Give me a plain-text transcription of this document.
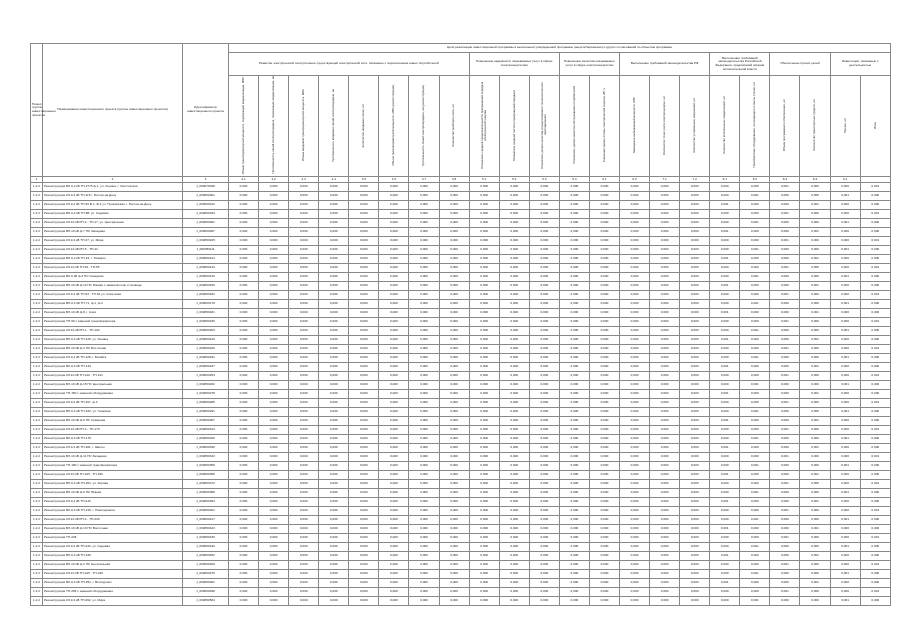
Номер группы инвестиционных проектов	Наименование инвестиционного проекта (группы инвестиционных проектов)	Идентификатор инвестиционного проекта	Цели реализации инвестиционной программы в выполнении утвержденной программы (энергосбережения) и других согласований по объектам программы																					
			Развитие электрической сети/усиление существующей электрической сети, связанное с подключением новых потребителей								Повышение надежности оказываемых услуг в сфере электроэнергетики			Повышение качества оказываемых услуг в сфере электроэнергетики		Выполнение требований законодательства РФ			Выполнение требований законодательства Российской Федерации, предписаний органов исполнительной власти		Обеспечение прочих целей		Инвестиции, связанные с деятельностью	
			Объем трансформаторной мощности, подлежащей модернизации, МВА	Протяженность линий электропередачи, подлежащих модернизации, км	Объем вводимой трансформаторной мощности, МВА	Протяженность вводимых линий электропередачи, км	Количество вводимых ячеек, шт	Объем трансформаторной мощности, МВА (реконструкция)	Протяженность линий электропередачи, км (реконструкция)	Количество приборов учета, шт	Показатель средней продолжительности прекращений передачи электрической энергии	Показатель средней частоты прекращений передачи	Показатель уровня качества осуществляемого технологического присоединения	Показатель уровня качества обслуживания потребителей	Снижение уровня потерь электрической энергии, кВт·ч	Замещение выбывающей мощности, МВт	Количество точек учета электроэнергии, шт	Количество устраненных нарушений, шт	Количество исполненных предписаний, шт	Приобретение оборудования, не входящего в сметы строек, шт	Объем программного обеспечения, шт	Количество транспортных средств, шт	Прочее, шт	Иное
1	2	3	4.1	4.2	4.3	4.4	4.5	4.6	4.7	4.8	5.1	5.2	5.3	5.4	6.1	6.2	7.1	7.2	8.1	8.2	8.3	8.4	9.1	
1.2.2	Реконструкция ВЛ-0,4 кВ ТП-2775 ф.1, ул. Ленина, г. Светлогорск	J_000070048	0,000	0,000	0,000	0,000	0,000	0,000	0,000	0,000	0,000	0,000	0,000	0,000	0,000	0,000	0,000	0,000	0,000	0,000	0,001	0,000	0,000	0,001
1.2.2	Реконструкция КЛ-0,4 кВ ТП-115 г. Ростов-на-Дону	J_000050001	0,000	0,000	0,000	0,000	0,000	0,000	0,000	0,000	0,000	0,000	0,000	0,000	0,000	0,000	0,000	0,000	0,000	0,001	0,000	0,000	0,001	0,000
1.2.2	Реконструкция КЛ-0,4 кВ ТП-26 Ф.1, Ф.2 ул. Пушкинская, г. Ростов-на-Дону	J_000050012	0,000	0,000	0,000	0,000	0,000	0,000	0,000	0,000	0,000	0,000	0,000	0,000	0,000	0,000	0,000	0,000	0,001	0,000	0,000	0,001	0,000	0,000
1.2.2	Реконструкция ВЛ-0,4 кВ ТП-88, ул. Садовая	J_000050043	0,000	0,000	0,000	0,000	0,000	0,000	0,000	0,000	0,000	0,000	0,000	0,000	0,000	0,000	0,000	0,000	0,000	0,000	0,001	0,000	0,000	0,001
1.2.2	Реконструкция КЛ-10 кВ РП-2 - ТП-17, ул. Центральная	J_000050091	0,000	0,000	0,000	0,000	0,000	0,000	0,000	0,000	0,000	0,000	0,000	0,000	0,000	0,000	0,000	0,000	0,000	0,001	0,000	0,000	0,001	0,000
1.2.2	Реконструкция ВЛ-10 кВ ф.7 ПС Западная	J_000050097	0,000	0,000	0,000	0,000	0,000	0,000	0,000	0,000	0,000	0,000	0,000	0,000	0,000	0,000	0,000	0,000	0,001	0,000	0,000	0,001	0,000	0,000
1.2.2	Реконструкция КЛ-0,4 кВ ТП-37, ул. Мира	J_000050105	0,000	0,000	0,000	0,000	0,000	0,000	0,000	0,000	0,000	0,000	0,000	0,000	0,000	0,000	0,000	0,000	0,000	0,000	0,001	0,000	0,000	0,001
1.2.2	Реконструкция КЛ-10 кВ РП-5 - ТП-42	J_000050111	0,000	0,000	0,000	0,000	0,000	0,000	0,000	0,000	0,000	0,000	0,000	0,000	0,000	0,000	0,000	0,000	0,000	0,001	0,000	0,000	0,001	0,000
1.2.2	Реконструкция ВЛ-0,4 кВ ТП-19, г. Таганрог	J_000050123	0,000	0,000	0,000	0,000	0,000	0,000	0,000	0,000	0,000	0,000	0,000	0,000	0,000	0,000	0,000	0,000	0,001	0,000	0,000	0,001	0,000	0,000
1.2.2	Реконструкция КЛ-10 кВ ТП-54 - ТП-55	J_000050134	0,000	0,000	0,000	0,000	0,000	0,000	0,000	0,000	0,000	0,000	0,000	0,000	0,000	0,000	0,000	0,000	0,000	0,000	0,001	0,000	0,000	0,001
1.2.2	Реконструкция ВЛ-6 кВ ф.3 ПС Северная	J_000050140	0,000	0,000	0,000	0,000	0,000	0,000	0,000	0,000	0,000	0,000	0,000	0,000	0,000	0,000	0,000	0,000	0,000	0,001	0,000	0,000	0,001	0,000
1.2.2	Реконструкция ВЛ-10 кВ ф.12 ПС Южная с заменой опор и провода	J_000050156	0,000	0,000	0,000	0,000	0,000	0,000	0,000	0,000	0,000	0,000	0,000	0,000	0,000	0,000	0,000	0,000	0,001	0,000	0,000	0,001	0,000	0,000
1.2.2	Реконструкция КЛ-0,4 кВ ТП-63 - ТП-64 ул. Советская	J_000050162	0,000	0,000	0,000	0,000	0,000	0,000	0,000	0,000	0,000	0,000	0,000	0,000	0,000	0,000	0,000	0,000	0,000	0,000	0,001	0,000	0,000	0,001
1.2.2	Реконструкция ВЛ-0,4 кВ ТП-71, ф.1, ф.2	J_000050178	0,000	0,000	0,000	0,000	0,000	0,000	0,000	0,000	0,000	0,000	0,000	0,000	0,000	0,000	0,000	0,000	0,000	0,001	0,000	0,000	0,001	0,000
1.2.2	Реконструкция ВЛ-10 кВ ф.8, г. Азов	J_000050181	0,000	0,000	0,000	0,000	0,000	0,000	0,000	0,000	0,000	0,000	0,000	0,000	0,000	0,000	0,000	0,000	0,001	0,000	0,000	0,001	0,000	0,000
1.2.2	Реконструкция ТП-90 с заменой трансформатора	J_000050195	0,000	0,000	0,000	0,000	0,000	0,000	0,000	0,000	0,000	0,000	0,000	0,000	0,000	0,000	0,000	0,000	0,000	0,000	0,001	0,000	0,000	0,001
1.2.2	Реконструкция КЛ-10 кВ РП-1 - ТП-102	J_000050203	0,000	0,000	0,000	0,000	0,000	0,000	0,000	0,000	0,000	0,000	0,000	0,000	0,000	0,000	0,000	0,000	0,000	0,001	0,000	0,000	0,001	0,000
1.2.2	Реконструкция ВЛ-0,4 кВ ТП-115, ул. Ленина	J_000050219	0,000	0,000	0,000	0,000	0,000	0,000	0,000	0,000	0,000	0,000	0,000	0,000	0,000	0,000	0,000	0,000	0,001	0,000	0,000	0,001	0,000	0,000
1.2.2	Реконструкция ВЛ-10 кВ ф.4 ПС Восточная	J_000050226	0,000	0,000	0,000	0,000	0,000	0,000	0,000	0,000	0,000	0,000	0,000	0,000	0,000	0,000	0,000	0,000	0,000	0,000	0,001	0,000	0,000	0,001
1.2.2	Реконструкция КЛ-0,4 кВ ТП-128, г. Батайск	J_000050231	0,000	0,000	0,000	0,000	0,000	0,000	0,000	0,000	0,000	0,000	0,000	0,000	0,000	0,000	0,000	0,000	0,000	0,001	0,000	0,000	0,001	0,000
1.2.2	Реконструкция ВЛ-0,4 кВ ТП-133	J_000050247	0,000	0,000	0,000	0,000	0,000	0,000	0,000	0,000	0,000	0,000	0,000	0,000	0,000	0,000	0,000	0,000	0,001	0,000	0,000	0,001	0,000	0,000
1.2.2	Реконструкция КЛ-10 кВ ТП-140 - ТП-141	J_000050254	0,000	0,000	0,000	0,000	0,000	0,000	0,000	0,000	0,000	0,000	0,000	0,000	0,000	0,000	0,000	0,000	0,000	0,000	0,001	0,000	0,000	0,001
1.2.2	Реконструкция ВЛ-10 кВ ф.15 ПС Центральная	J_000050262	0,000	0,000	0,000	0,000	0,000	0,000	0,000	0,000	0,000	0,000	0,000	0,000	0,000	0,000	0,000	0,000	0,000	0,001	0,000	0,000	0,001	0,000
1.2.2	Реконструкция ТП-150 с заменой оборудования	J_000050278	0,000	0,000	0,000	0,000	0,000	0,000	0,000	0,000	0,000	0,000	0,000	0,000	0,000	0,000	0,000	0,000	0,001	0,000	0,000	0,001	0,000	0,000
1.2.2	Реконструкция КЛ-0,4 кВ ТП-157, ф.3	J_000050285	0,000	0,000	0,000	0,000	0,000	0,000	0,000	0,000	0,000	0,000	0,000	0,000	0,000	0,000	0,000	0,000	0,000	0,000	0,001	0,000	0,000	0,001
1.2.2	Реконструкция ВЛ-0,4 кВ ТП-162, ул. Гагарина	J_000050291	0,000	0,000	0,000	0,000	0,000	0,000	0,000	0,000	0,000	0,000	0,000	0,000	0,000	0,000	0,000	0,000	0,000	0,001	0,000	0,000	0,001	0,000
1.2.2	Реконструкция ВЛ-10 кВ ф.9 ПС Северная	J_000050307	0,000	0,000	0,000	0,000	0,000	0,000	0,000	0,000	0,000	0,000	0,000	0,000	0,000	0,000	0,000	0,000	0,001	0,000	0,000	0,001	0,000	0,000
1.2.2	Реконструкция КЛ-10 кВ РП-3 - ТП-170	J_000050314	0,000	0,000	0,000	0,000	0,000	0,000	0,000	0,000	0,000	0,000	0,000	0,000	0,000	0,000	0,000	0,000	0,000	0,000	0,001	0,000	0,000	0,001
1.2.2	Реконструкция ВЛ-0,4 кВ ТП-176	J_000050320	0,000	0,000	0,000	0,000	0,000	0,000	0,000	0,000	0,000	0,000	0,000	0,000	0,000	0,000	0,000	0,000	0,000	0,001	0,000	0,000	0,001	0,000
1.2.2	Реконструкция КЛ-0,4 кВ ТП-181, г. Шахты	J_000050336	0,000	0,000	0,000	0,000	0,000	0,000	0,000	0,000	0,000	0,000	0,000	0,000	0,000	0,000	0,000	0,000	0,001	0,000	0,000	0,001	0,000	0,000
1.2.2	Реконструкция ВЛ-10 кВ ф.11 ПС Западная	J_000050343	0,000	0,000	0,000	0,000	0,000	0,000	0,000	0,000	0,000	0,000	0,000	0,000	0,000	0,000	0,000	0,000	0,000	0,000	0,001	0,000	0,000	0,001
1.2.2	Реконструкция ТП-190 с заменой трансформатора	J_000050359	0,000	0,000	0,000	0,000	0,000	0,000	0,000	0,000	0,000	0,000	0,000	0,000	0,000	0,000	0,000	0,000	0,000	0,001	0,000	0,000	0,001	0,000
1.2.2	Реконструкция КЛ-10 кВ ТП-195 - ТП-196	J_000050365	0,000	0,000	0,000	0,000	0,000	0,000	0,000	0,000	0,000	0,000	0,000	0,000	0,000	0,000	0,000	0,000	0,001	0,000	0,000	0,001	0,000	0,000
1.2.2	Реконструкция ВЛ-0,4 кВ ТП-201, ул. Кирова	J_000050372	0,000	0,000	0,000	0,000	0,000	0,000	0,000	0,000	0,000	0,000	0,000	0,000	0,000	0,000	0,000	0,000	0,000	0,000	0,001	0,000	0,000	0,001
1.2.2	Реконструкция ВЛ-10 кВ ф.6 ПС Южная	J_000050388	0,000	0,000	0,000	0,000	0,000	0,000	0,000	0,000	0,000	0,000	0,000	0,000	0,000	0,000	0,000	0,000	0,000	0,001	0,000	0,000	0,001	0,000
1.2.2	Реконструкция КЛ-0,4 кВ ТП-210	J_000050394	0,000	0,000	0,000	0,000	0,000	0,000	0,000	0,000	0,000	0,000	0,000	0,000	0,000	0,000	0,000	0,000	0,001	0,000	0,000	0,001	0,000	0,000
1.2.2	Реконструкция ВЛ-0,4 кВ ТП-215, г. Новочеркасск	J_000050401	0,000	0,000	0,000	0,000	0,000	0,000	0,000	0,000	0,000	0,000	0,000	0,000	0,000	0,000	0,000	0,000	0,000	0,000	0,001	0,000	0,000	0,001
1.2.2	Реконструкция КЛ-10 кВ РП-4 - ТП-220	J_000050417	0,000	0,000	0,000	0,000	0,000	0,000	0,000	0,000	0,000	0,000	0,000	0,000	0,000	0,000	0,000	0,000	0,000	0,001	0,000	0,000	0,001	0,000
1.2.2	Реконструкция ВЛ-10 кВ ф.13 ПС Восточная	J_000050423	0,000	0,000	0,000	0,000	0,000	0,000	0,000	0,000	0,000	0,000	0,000	0,000	0,000	0,000	0,000	0,000	0,001	0,000	0,000	0,001	0,000	0,000
1.2.2	Реконструкция ТП-228	J_000050430	0,000	0,000	0,000	0,000	0,000	0,000	0,000	0,000	0,000	0,000	0,000	0,000	0,000	0,000	0,000	0,000	0,000	0,000	0,001	0,000	0,000	0,001
1.2.2	Реконструкция КЛ-0,4 кВ ТП-233, ул. Садовая	J_000050446	0,000	0,000	0,000	0,000	0,000	0,000	0,000	0,000	0,000	0,000	0,000	0,000	0,000	0,000	0,000	0,000	0,000	0,001	0,000	0,000	0,001	0,000
1.2.2	Реконструкция ВЛ-0,4 кВ ТП-239	J_000050452	0,000	0,000	0,000	0,000	0,000	0,000	0,000	0,000	0,000	0,000	0,000	0,000	0,000	0,000	0,000	0,000	0,001	0,000	0,000	0,001	0,000	0,000
1.2.2	Реконструкция ВЛ-10 кВ ф.2 ПС Центральная	J_000050469	0,000	0,000	0,000	0,000	0,000	0,000	0,000	0,000	0,000	0,000	0,000	0,000	0,000	0,000	0,000	0,000	0,000	0,000	0,001	0,000	0,000	0,001
1.2.2	Реконструкция КЛ-10 кВ ТП-245 - ТП-246	J_000050475	0,000	0,000	0,000	0,000	0,000	0,000	0,000	0,000	0,000	0,000	0,000	0,000	0,000	0,000	0,000	0,000	0,000	0,001	0,000	0,000	0,001	0,000
1.2.2	Реконструкция ВЛ-0,4 кВ ТП-251, г. Волгодонск	J_000050481	0,000	0,000	0,000	0,000	0,000	0,000	0,000	0,000	0,000	0,000	0,000	0,000	0,000	0,000	0,000	0,000	0,001	0,000	0,000	0,001	0,000	0,000
1.2.2	Реконструкция ТП-256 с заменой оборудования	J_000050498	0,000	0,000	0,000	0,000	0,000	0,000	0,000	0,000	0,000	0,000	0,000	0,000	0,000	0,000	0,000	0,000	0,000	0,000	0,001	0,000	0,000	0,001
1.2.2	Реконструкция КЛ-0,4 кВ ТП-262, ул. Мира	J_000050504	0,000	0,000	0,000	0,000	0,000	0,000	0,000	0,000	0,000	0,000	0,000	0,000	0,000	0,000	0,000	0,000	0,000	0,001	0,000	0,000	0,001	0,000
